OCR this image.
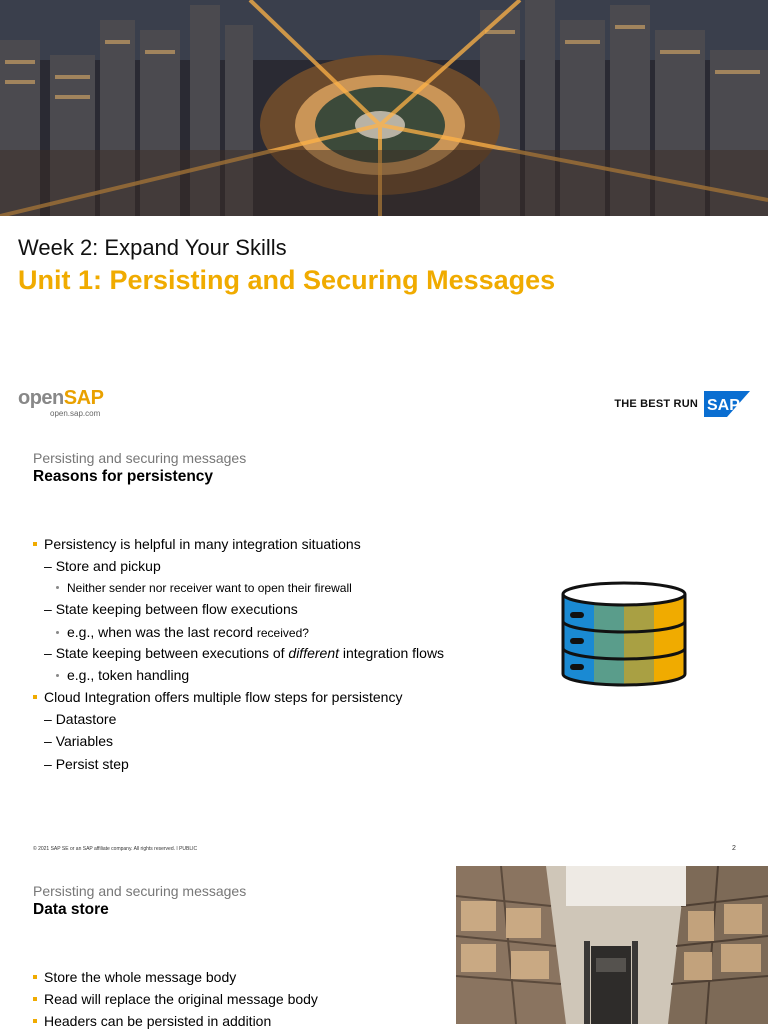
Week 2: Expand Your Skills
Unit 1: Persisting and Securing Messages
openSAP
open.sap.com
THE BEST RUN SAP
Persisting and securing messages
Reasons for persistency
Persistency is helpful in many integration situations
– Store and pickup
Neither sender nor receiver want to open their firewall
– State keeping between flow executions
e.g., when was the last record received?
– State keeping between executions of different integration flows
e.g., token handling
Cloud Integration offers multiple flow steps for persistency
– Datastore
– Variables
– Persist step
© 2021 SAP SE or an SAP affiliate company. All rights reserved. ǀ PUBLIC	2
Persisting and securing messages
Data store
Store the whole message body
Read will replace the original message body
Headers can be persisted in addition
